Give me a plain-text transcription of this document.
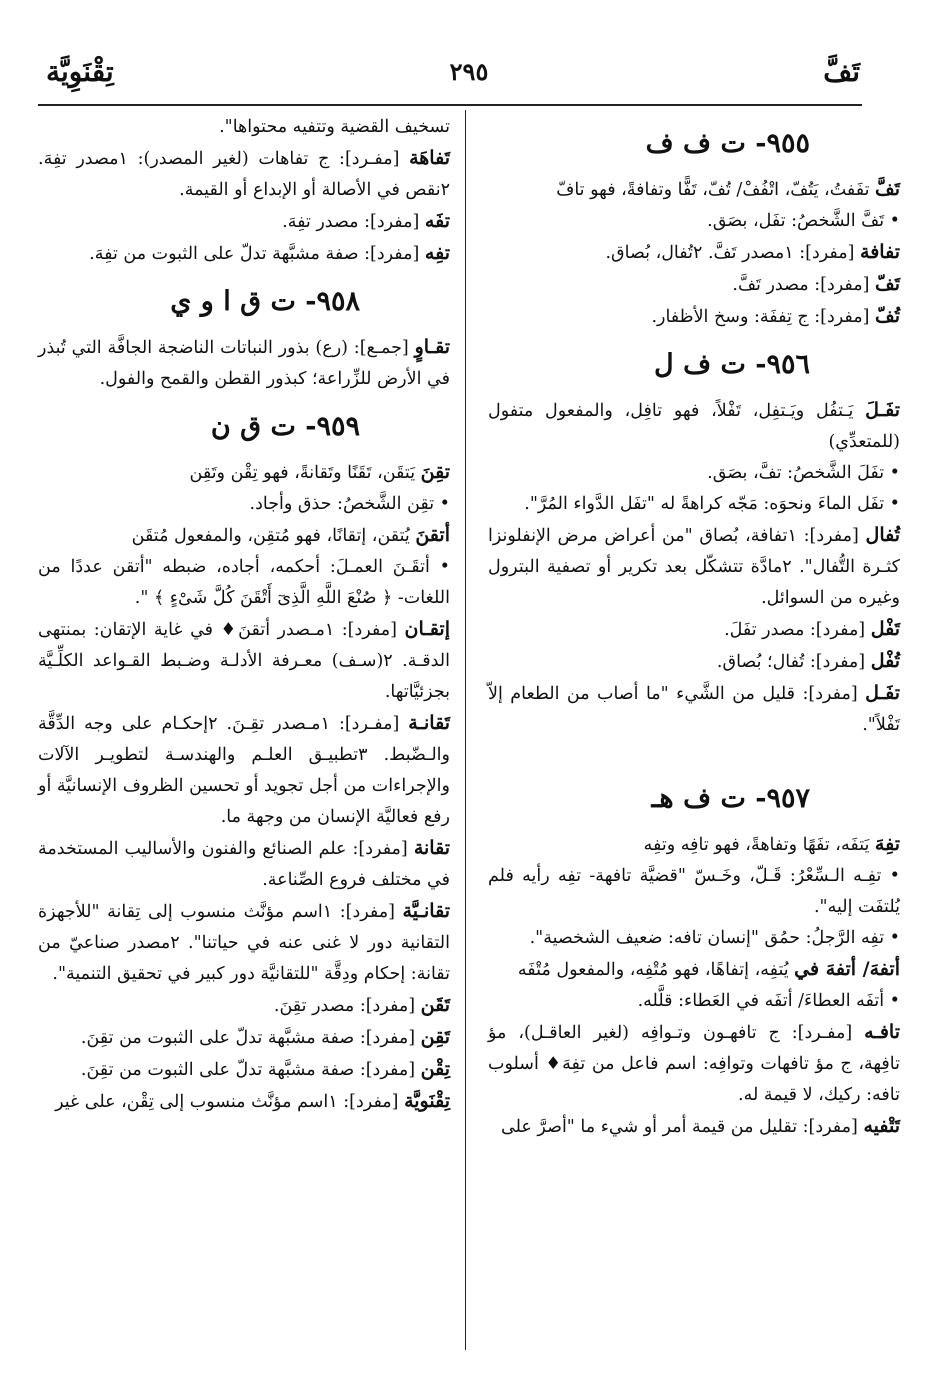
تَفَّ
٢٩٥
تِقْنَوِيَّة
٩٥٥- ت ف ف

تَفَّ تفَفتُ، يَتُفّ، اتْفُفْ/ تُفّ، تَفًّا وتفافةً، فهو تافّ

• تَفَّ الشَّخصُ: تفَل، بصَق.

تفافة [مفرد]: ١مصدر تَفَّ. ٢تُفال، بُصاق.

تَفّ [مفرد]: مصدر تَفَّ.

تُفّ [مفرد]: ج تِففَة: وسخ الأظفار.

٩٥٦- ت ف ل

تفَـلَ يَـتفُل ويَـتفِل، تَفْلاً، فهو تافِل، والمفعول متفول (للمتعدِّي)

• تفَلَ الشَّخصُ: تفَّ، بصَق.

• تفَل الماءَ ونحوَه: مَجّه كراهةً له "تفَل الدَّواء المُرَّ".

تُفال [مفرد]: ١تفافة، بُصاق "من أعراض مرض الإنفلونزا كثـرة التُّفال". ٢مادَّة تتشكّل بعد تكرير أو تصفية البترول وغيره من السوائل.

تَفْل [مفرد]: مصدر تفَلَ.

تُفْل [مفرد]: تُفال؛ بُصاق.

تفَـل [مفرد]: قليل من الشَّيء "ما أصاب من الطعام إلاّ تَفْلاً".

٩٥٧- ت ف هـ

تفِهَ يَتفَه، تفَهًا وتفاهةً، فهو تافِه وتفِه

• تفِـه الـسِّعْرُ: قَـلّ، وخَـسّ "قضيَّة تافهة- تفِه رأيه فلم يُلتفَت إليه".

• تفِه الرَّجلُ: حمُق "إنسان تافه: ضعيف الشخصية".

أتفهَ/ أتفهَ في يُتفِه، إتفاهًا، فهو مُتْفِه، والمفعول مُتْفَه

• أتفَه العطاءَ/ أتفَه في العَطاء: قلَّله.

تافـه [مفـرد]: ج تافهـون وتـوافِه (لغير العاقـل)، مؤ تافِهة، ج مؤ تافهات وتوافِه: اسم فاعل من تفِهَ♦ أسلوب تافه: ركيك، لا قيمة له.

تَتْفيه [مفرد]: تقليل من قيمة أمر أو شيء ما "أصرَّ على

تسخيف القضية وتتفيه محتواها".

تَفاهَة [مفـرد]: ج تفاهات (لغير المصدر): ١مصدر تفِهَ. ٢نقص في الأصالة أو الإبداع أو القيمة.

تفَه [مفرد]: مصدر تفِهَ.

تفِه [مفرد]: صفة مشبَّهة تدلّ على الثبوت من تفِهَ.

٩٥٨- ت ق ا و ي

تقـاوٍ [جمـع]: (رع) بذور النباتات الناضجة الجافَّة التي تُبذر في الأرض للزِّراعة؛ كبذور القطن والقمح والفول.

٩٥٩- ت ق ن

تقِنَ يَتقَن، تَقَنًا وتَقانةً، فهو تِقْن وتَقِن

• تقِن الشَّخصُ: حذق وأجاد.

أتقنَ يُتقن، إتقانًا، فهو مُتقِن، والمفعول مُتقَن

• أتقَـنَ العمـلَ: أحكمه، أجاده، ضبطه "أتقن عددًا من اللغات- ﴿ صُنْعَ اللَّهِ الَّذِىٓ أَتْقَنَ كُلَّ شَىْءٍ ﴾ ".

إتقـان [مفرد]: ١مـصدر أتقنَ♦ في غاية الإتقان: بمنتهى الدقـة. ٢(سـف) معـرفة الأدلـة وضـبط القـواعد الكلِّـيَّة بجزئيَّاتها.

تَقانـة [مفـرد]: ١مـصدر تقِـنَ. ٢إحكـام على وجه الدِّقَّة والـضّبط. ٣تطبيـق العلـم والهندسـة لتطويـر الآلات والإجراءات من أجل تجويد أو تحسين الظروف الإنسانيَّة أو رفع فعاليَّة الإنسان من وجهة ما.

تقانة [مفرد]: علم الصنائع والفنون والأساليب المستخدمة في مختلف فروع الصِّناعة.

تقانـيَّة [مفرد]: ١اسم مؤنَّث منسوب إلى تِقانة "للأجهزة التقانية دور لا غنى عنه في حياتنا". ٢مصدر صناعيّ من تقانة: إحكام ودِقَّة "للتقانيَّة دور كبير في تحقيق التنمية".

تَقَن [مفرد]: مصدر تقِنَ.

تَقِن [مفرد]: صفة مشبَّهة تدلّ على الثبوت من تقِنَ.

تِقْن [مفرد]: صفة مشبَّهة تدلّ على الثبوت من تقِنَ.

تِقْنَويَّة [مفرد]: ١اسم مؤنَّث منسوب إلى تِقْن، على غير
